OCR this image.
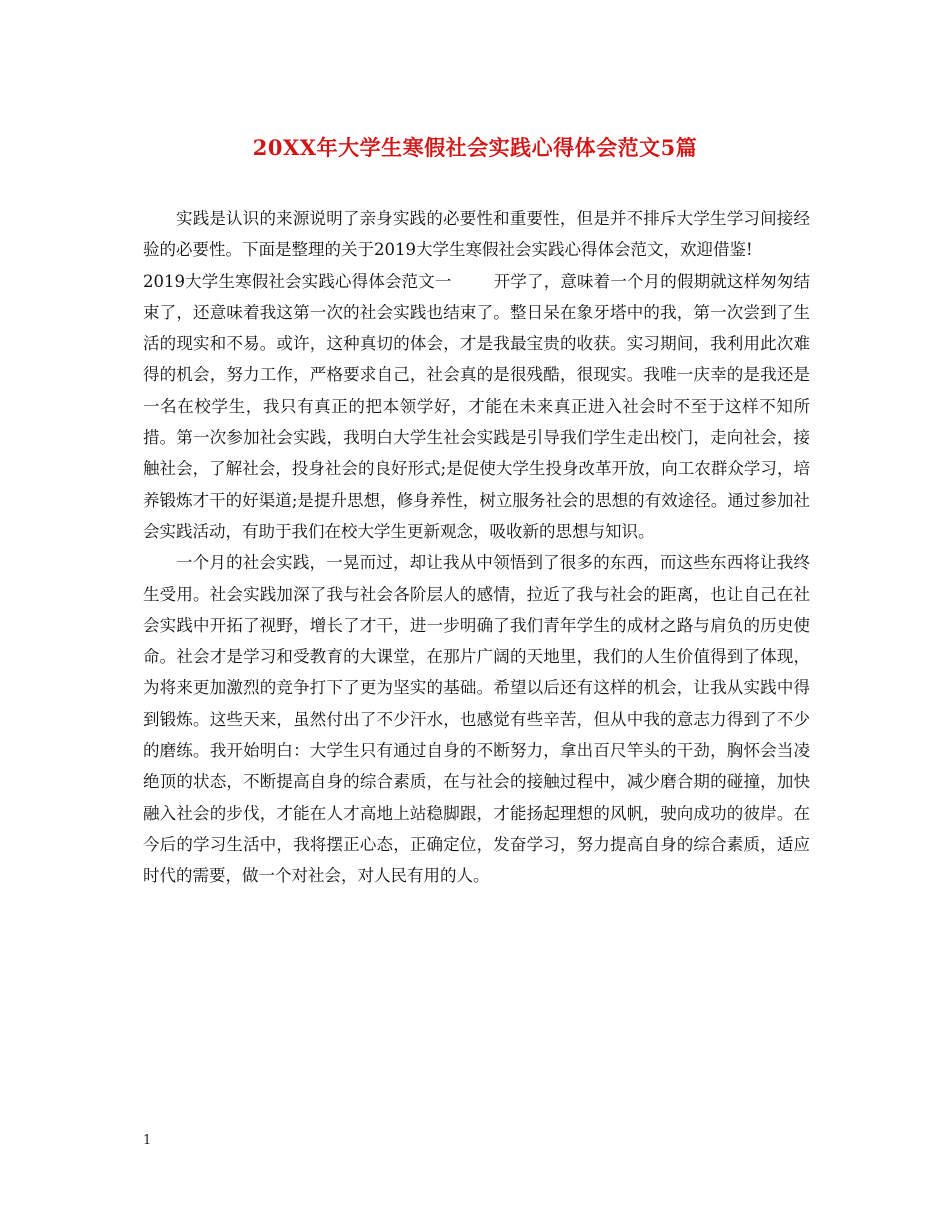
20XX年大学生寒假社会实践心得体会范文5篇

实践是认识的来源说明了亲身实践的必要性和重要性，但是并不排斥大学生学习间接经验的必要性。下面是整理的关于2019大学生寒假社会实践心得体会范文，欢迎借鉴!

2019大学生寒假社会实践心得体会范文一	开学了，意味着一个月的假期就这样匆匆结束了，还意味着我这第一次的社会实践也结束了。整日呆在象牙塔中的我，第一次尝到了生活的现实和不易。或许，这种真切的体会，才是我最宝贵的收获。实习期间，我利用此次难得的机会，努力工作，严格要求自己，社会真的是很残酷，很现实。我唯一庆幸的是我还是一名在校学生，我只有真正的把本领学好，才能在未来真正进入社会时不至于这样不知所措。第一次参加社会实践，我明白大学生社会实践是引导我们学生走出校门，走向社会，接触社会，了解社会，投身社会的良好形式;是促使大学生投身改革开放，向工农群众学习，培养锻炼才干的好渠道;是提升思想，修身养性，树立服务社会的思想的有效途径。通过参加社会实践活动，有助于我们在校大学生更新观念，吸收新的思想与知识。

一个月的社会实践，一晃而过，却让我从中领悟到了很多的东西，而这些东西将让我终生受用。社会实践加深了我与社会各阶层人的感情，拉近了我与社会的距离，也让自己在社会实践中开拓了视野，增长了才干，进一步明确了我们青年学生的成材之路与肩负的历史使命。社会才是学习和受教育的大课堂，在那片广阔的天地里，我们的人生价值得到了体现，为将来更加激烈的竞争打下了更为坚实的基础。希望以后还有这样的机会，让我从实践中得到锻炼。这些天来，虽然付出了不少汗水，也感觉有些辛苦，但从中我的意志力得到了不少的磨练。我开始明白：大学生只有通过自身的不断努力，拿出百尺竿头的干劲，胸怀会当凌绝顶的状态，不断提高自身的综合素质，在与社会的接触过程中，减少磨合期的碰撞，加快融入社会的步伐，才能在人才高地上站稳脚跟，才能扬起理想的风帆，驶向成功的彼岸。在今后的学习生活中，我将摆正心态，正确定位，发奋学习，努力提高自身的综合素质，适应时代的需要，做一个对社会，对人民有用的人。

1
